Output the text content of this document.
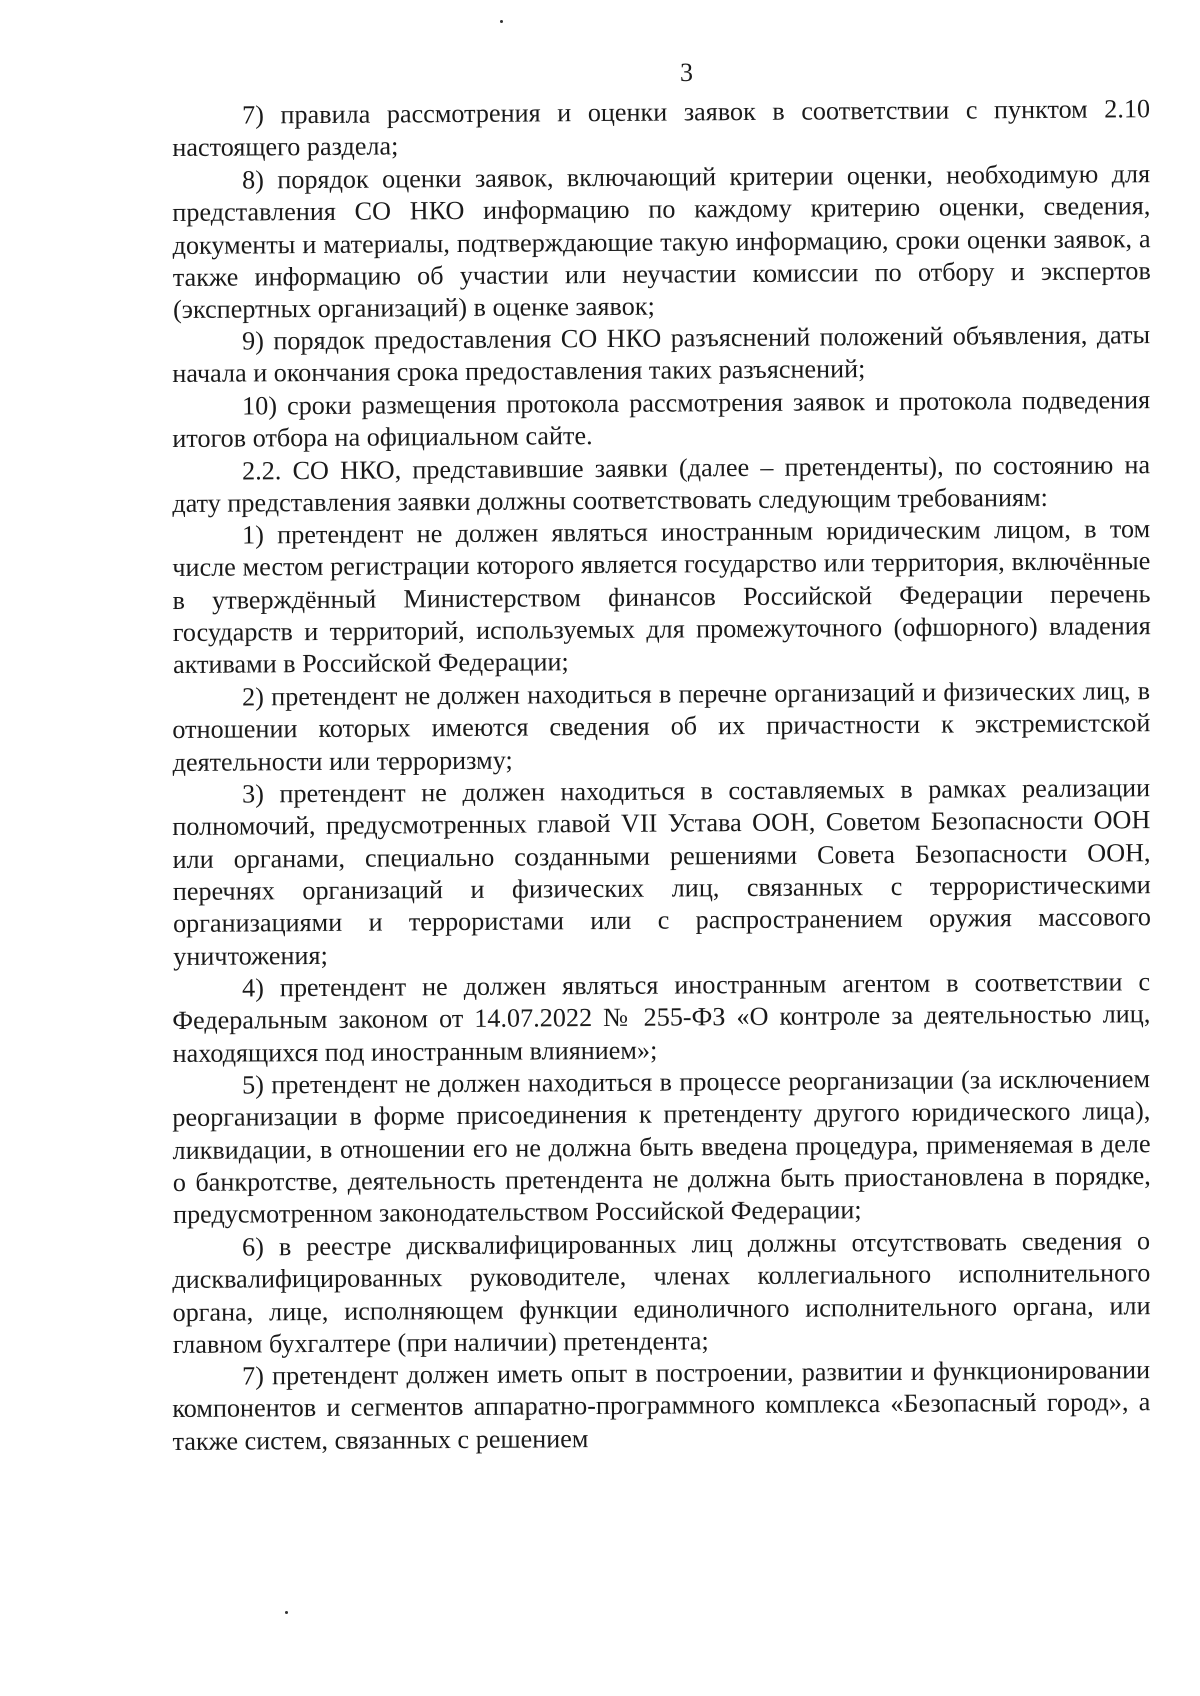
3

7) правила рассмотрения и оценки заявок в соответствии с пунктом 2.10 настоящего раздела;

8) порядок оценки заявок, включающий критерии оценки, необходимую для представления СО НКО информацию по каждому критерию оценки, сведения, документы и материалы, подтверждающие такую информацию, сроки оценки заявок, а также информацию об участии или неучастии комиссии по отбору и экспертов (экспертных организаций) в оценке заявок;

9) порядок предоставления СО НКО разъяснений положений объявления, даты начала и окончания срока предоставления таких разъяснений;

10) сроки размещения протокола рассмотрения заявок и протокола подведения итогов отбора на официальном сайте.

2.2. СО НКО, представившие заявки (далее – претенденты), по состоянию на дату представления заявки должны соответствовать следующим требованиям:

1) претендент не должен являться иностранным юридическим лицом, в том числе местом регистрации которого является государство или территория, включённые в утверждённый Министерством финансов Российской Федерации перечень государств и территорий, используемых для промежуточного (офшорного) владения активами в Российской Федерации;

2) претендент не должен находиться в перечне организаций и физических лиц, в отношении которых имеются сведения об их причастности к экстремистской деятельности или терроризму;

3) претендент не должен находиться в составляемых в рамках реализации полномочий, предусмотренных главой VII Устава ООН, Советом Безопасности ООН или органами, специально созданными решениями Совета Безопасности ООН, перечнях организаций и физических лиц, связанных с террористическими организациями и террористами или с распространением оружия массового уничтожения;

4) претендент не должен являться иностранным агентом в соответствии с Федеральным законом от 14.07.2022 № 255-ФЗ «О контроле за деятельностью лиц, находящихся под иностранным влиянием»;

5) претендент не должен находиться в процессе реорганизации (за исключением реорганизации в форме присоединения к претенденту другого юридического лица), ликвидации, в отношении его не должна быть введена процедура, применяемая в деле о банкротстве, деятельность претендента не должна быть приостановлена в порядке, предусмотренном законодательством Российской Федерации;

6) в реестре дисквалифицированных лиц должны отсутствовать сведения о дисквалифицированных руководителе, членах коллегиального исполнительного органа, лице, исполняющем функции единоличного исполнительного органа, или главном бухгалтере (при наличии) претендента;

7) претендент должен иметь опыт в построении, развитии и функционировании компонентов и сегментов аппаратно-программного комплекса «Безопасный город», а также систем, связанных с решением
